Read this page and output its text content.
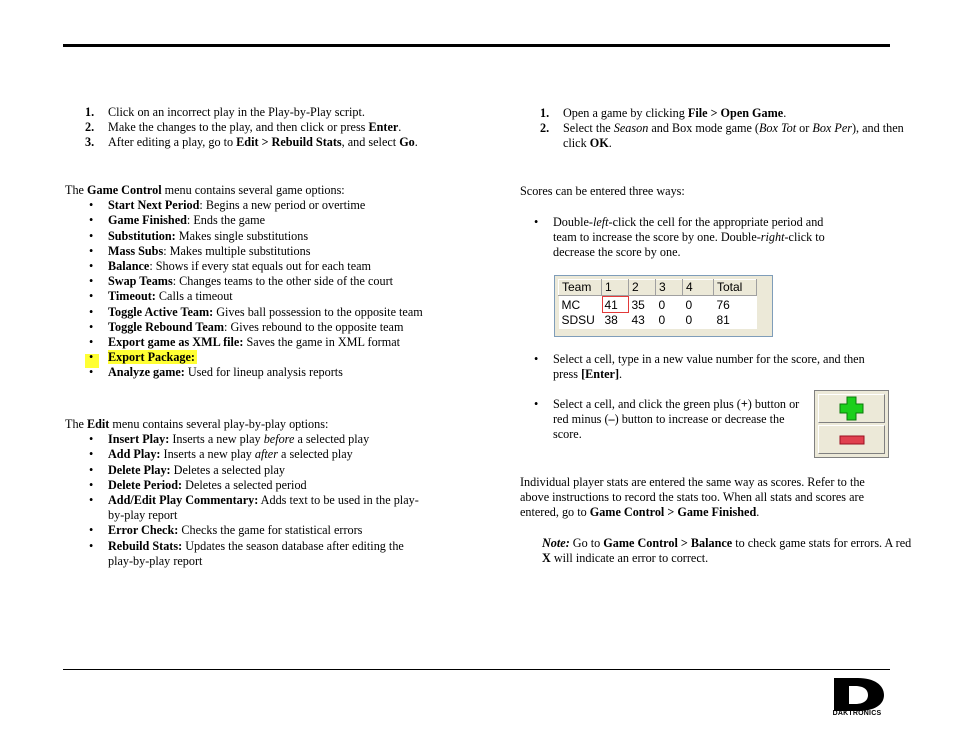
1. Click on an incorrect play in the Play-by-Play script.
2. Make the changes to the play, and then click or press Enter.
3. After editing a play, go to Edit > Rebuild Stats, and select Go.
The Game Control menu contains several game options:
• Start Next Period: Begins a new period or overtime
• Game Finished: Ends the game
• Substitution: Makes single substitutions
• Mass Subs: Makes multiple substitutions
• Balance: Shows if every stat equals out for each team
• Swap Teams: Changes teams to the other side of the court
• Timeout: Calls a timeout
• Toggle Active Team: Gives ball possession to the opposite team
• Toggle Rebound Team: Gives rebound to the opposite team
• Export game as XML file: Saves the game in XML format
• Export Package:
• Analyze game: Used for lineup analysis reports
The Edit menu contains several play-by-play options:
• Insert Play: Inserts a new play before a selected play
• Add Play: Inserts a new play after a selected play
• Delete Play: Deletes a selected play
• Delete Period: Deletes a selected period
• Add/Edit Play Commentary: Adds text to be used in the play-by-play report
• Error Check: Checks the game for statistical errors
• Rebuild Stats: Updates the season database after editing the play-by-play report
1. Open a game by clicking File > Open Game.
2. Select the Season and Box mode game (Box Tot or Box Per), and then click OK.
Scores can be entered three ways:
• Double-left-click the cell for the appropriate period and team to increase the score by one. Double-right-click to decrease the score by one.
Team	1	2	3	4	Total
MC	41	35	0	0	76
SDSU	38	43	0	0	81
• Select a cell, type in a new value number for the score, and then press [Enter].
• Select a cell, and click the green plus (+) button or red minus (–) button to increase or decrease the score.
Individual player stats are entered the same way as scores. Refer to the above instructions to record the stats too. When all stats and scores are entered, go to Game Control > Game Finished.
Note: Go to Game Control > Balance to check game stats for errors. A red X will indicate an error to correct.
DAKTRONICS
